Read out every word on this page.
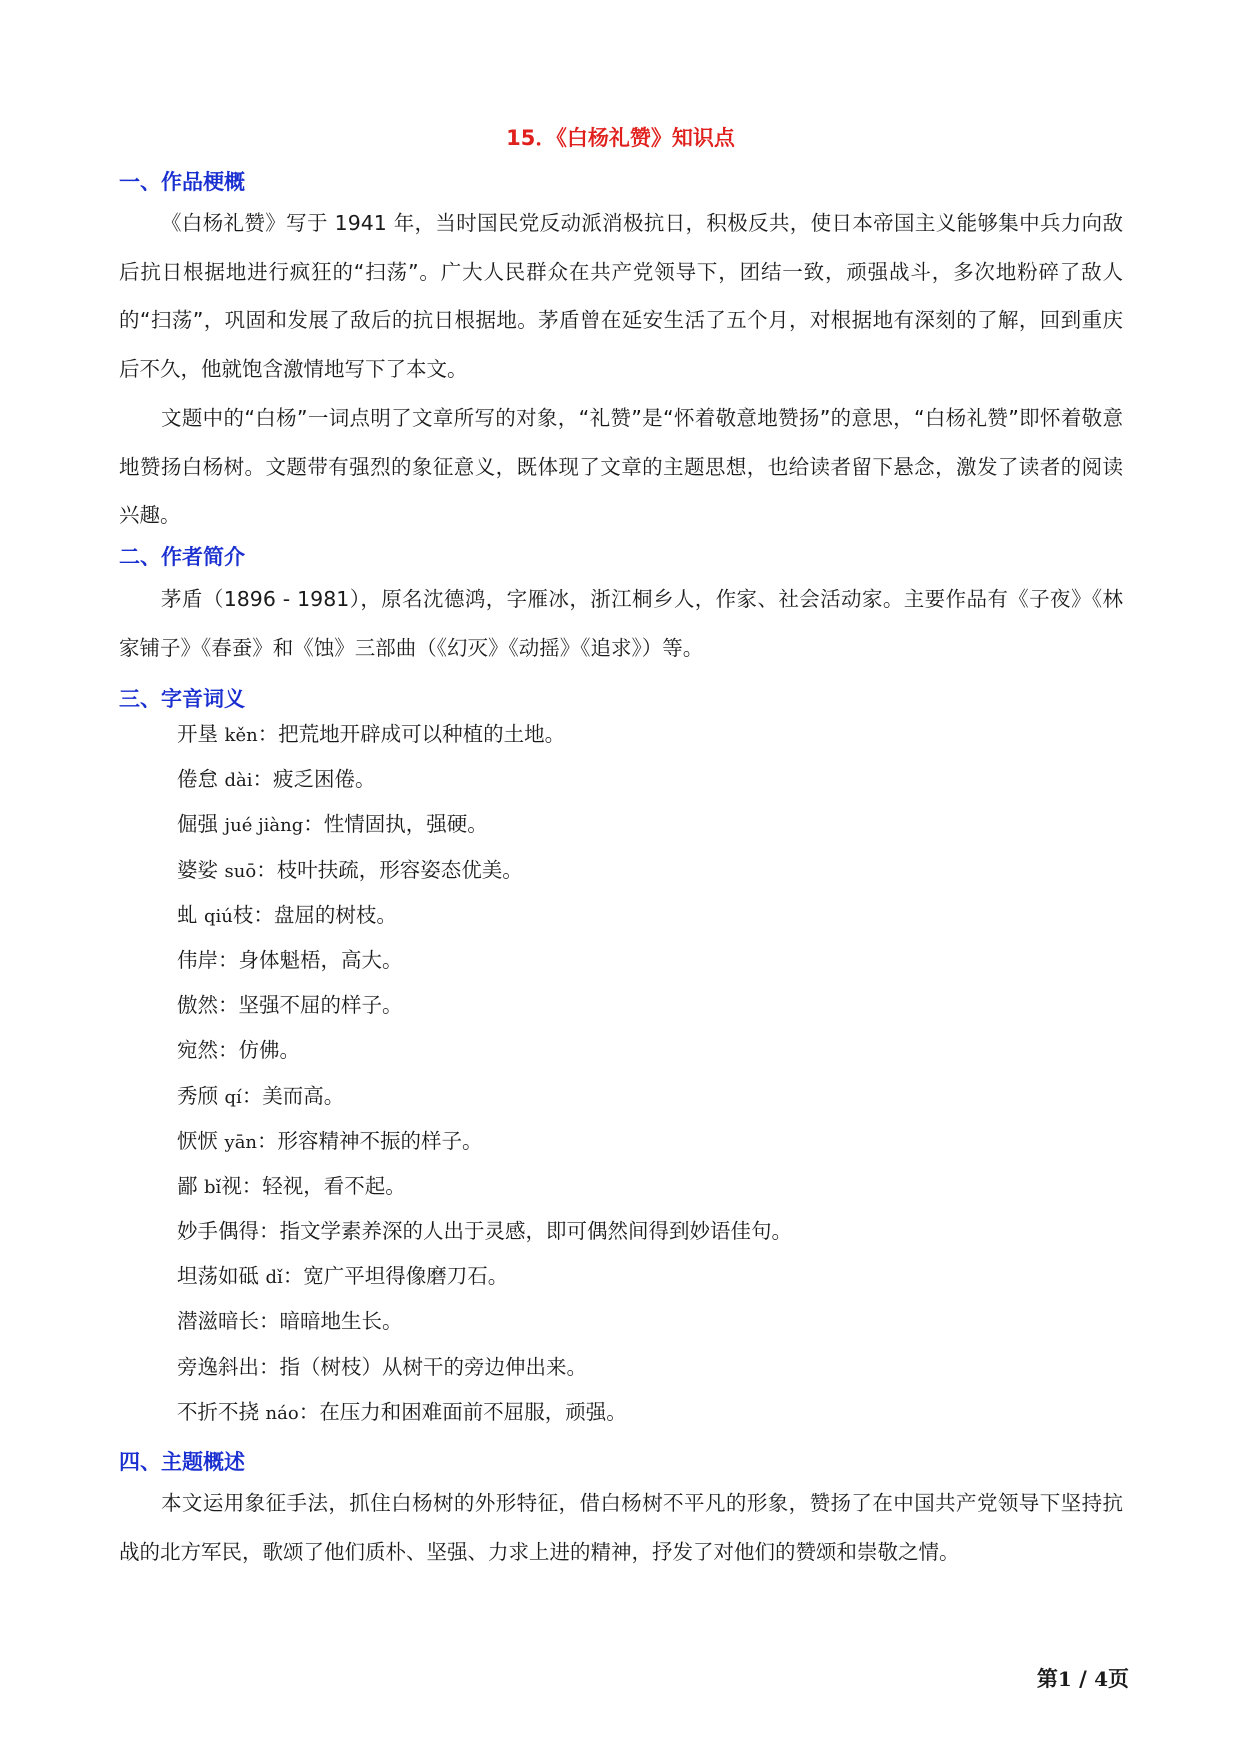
15．《白杨礼赞》知识点
一、作品梗概

《白杨礼赞》写于 1941 年，当时国民党反动派消极抗日，积极反共，使日本帝国主义能够集中兵力向敌后抗日根据地进行疯狂的“扫荡”。广大人民群众在共产党领导下，团结一致，顽强战斗，多次地粉碎了敌人的“扫荡”，巩固和发展了敌后的抗日根据地。茅盾曾在延安生活了五个月，对根据地有深刻的了解，回到重庆后不久，他就饱含激情地写下了本文。

文题中的“白杨”一词点明了文章所写的对象，“礼赞”是“怀着敬意地赞扬”的意思，“白杨礼赞”即怀着敬意地赞扬白杨树。文题带有强烈的象征意义，既体现了文章的主题思想，也给读者留下悬念，激发了读者的阅读兴趣。

二、作者简介

茅盾（1896 - 1981），原名沈德鸿，字雁冰，浙江桐乡人，作家、社会活动家。主要作品有《子夜》《林家铺子》《春蚕》和《蚀》三部曲（《幻灭》《动摇》《追求》）等。

三、字音词义
开垦 kěn：把荒地开辟成可以种植的土地。
倦怠 dài：疲乏困倦。
倔强 jué jiàng：性情固执，强硬。
婆娑 suō：枝叶扶疏，形容姿态优美。
虬 qiú枝：盘屈的树枝。
伟岸：身体魁梧，高大。
傲然：坚强不屈的样子。
宛然：仿佛。
秀颀 qí：美而高。
恹恹 yān：形容精神不振的样子。
鄙 bǐ视：轻视，看不起。
妙手偶得：指文学素养深的人出于灵感，即可偶然间得到妙语佳句。
坦荡如砥 dǐ：宽广平坦得像磨刀石。
潜滋暗长：暗暗地生长。
旁逸斜出：指（树枝）从树干的旁边伸出来。
不折不挠 náo：在压力和困难面前不屈服，顽强。
四、主题概述

本文运用象征手法，抓住白杨树的外形特征，借白杨树不平凡的形象，赞扬了在中国共产党领导下坚持抗战的北方军民，歌颂了他们质朴、坚强、力求上进的精神，抒发了对他们的赞颂和崇敬之情。

第1 / 4页
